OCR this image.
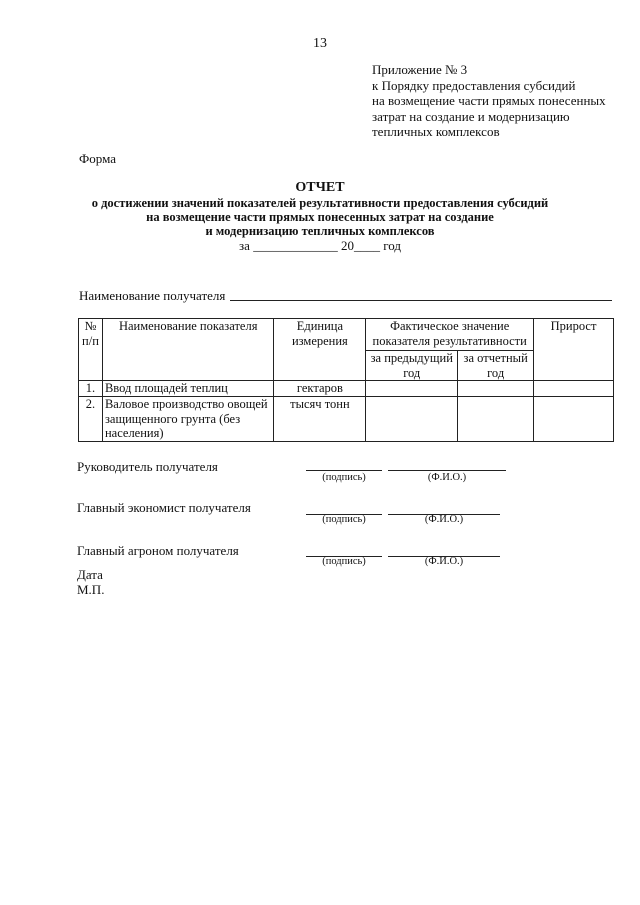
13
Приложение № 3
к Порядку предоставления субсидий
на возмещение части прямых понесенных
затрат на создание и модернизацию
тепличных комплексов
Форма
ОТЧЕТ
о достижении значений показателей результативности предоставления субсидий
на возмещение части прямых понесенных затрат на создание
и модернизацию тепличных комплексов
за _____________ 20____ год
Наименование получателя
№ п/п	Наименование показателя	Единица измерения	Фактическое значение показателя результативности		Прирост
			за предыдущий год	за отчетный год	
1.	Ввод площадей теплиц	гектаров			
2.	Валовое производство овощей защищенного грунта (без населения)	тысяч тонн			
Руководитель получателя
(подпись)	(Ф.И.О.)
Главный экономист получателя
(подпись)	(Ф.И.О.)
Главный агроном получателя
(подпись)	(Ф.И.О.)
Дата
М.П.
